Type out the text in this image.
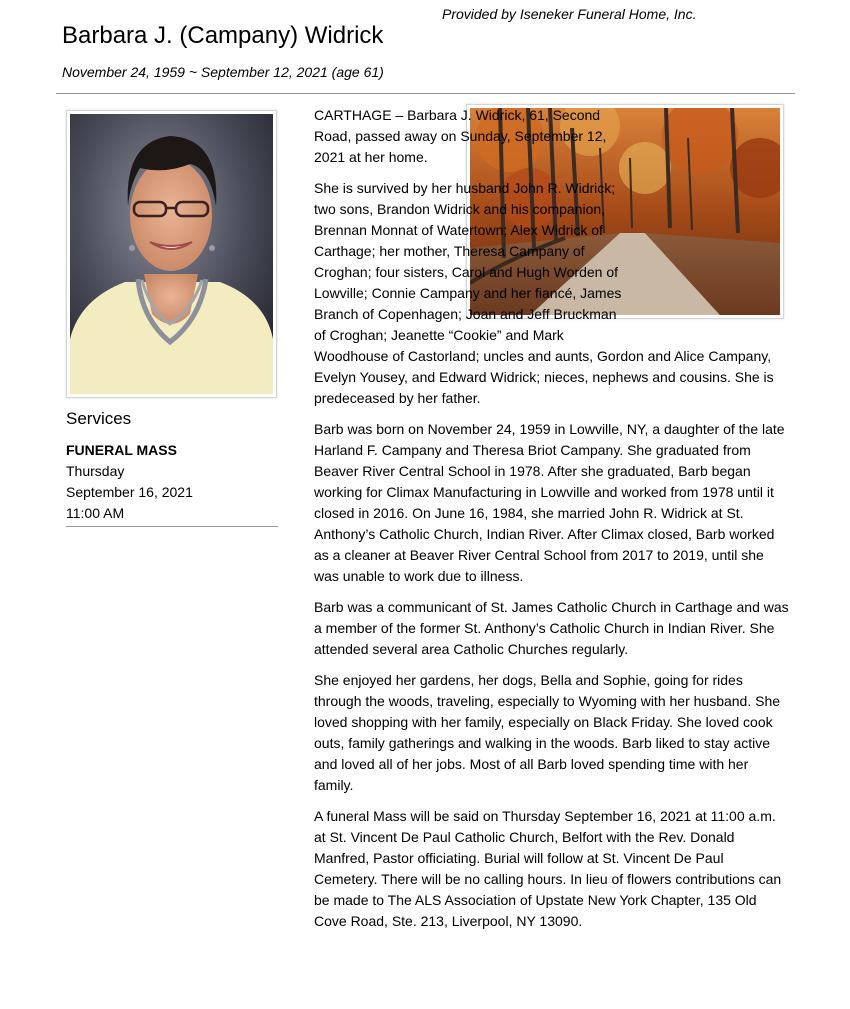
Provided by Iseneker Funeral Home, Inc.
Barbara J. (Campany) Widrick
November 24, 1959 ~ September 12, 2021 (age 61)
Services
FUNERAL MASS
Thursday
September 16, 2021
11:00 AM

CARTHAGE – Barbara J. Widrick, 61, Second Road, passed away on Sunday, September 12, 2021 at her home.

She is survived by her husband John R. Widrick; two sons, Brandon Widrick and his companion, Brennan Monnat of Watertown; Alex Widrick of Carthage; her mother, Theresa Campany of Croghan; four sisters, Carol and Hugh Worden of Lowville; Connie Campany and her fiancé, James Branch of Copenhagen; Joan and Jeff Bruckman of Croghan; Jeanette “Cookie” and Mark Woodhouse of Castorland; uncles and aunts, Gordon and Alice Campany, Evelyn Yousey, and Edward Widrick; nieces, nephews and cousins. She is predeceased by her father.

Barb was born on November 24, 1959 in Lowville, NY, a daughter of the late Harland F. Campany and Theresa Briot Campany. She graduated from Beaver River Central School in 1978. After she graduated, Barb began working for Climax Manufacturing in Lowville and worked from 1978 until it closed in 2016. On June 16, 1984, she married John R. Widrick at St. Anthony’s Catholic Church, Indian River. After Climax closed, Barb worked as a cleaner at Beaver River Central School from 2017 to 2019, until she was unable to work due to illness.

Barb was a communicant of St. James Catholic Church in Carthage and was a member of the former St. Anthony’s Catholic Church in Indian River. She attended several area Catholic Churches regularly.

She enjoyed her gardens, her dogs, Bella and Sophie, going for rides through the woods, traveling, especially to Wyoming with her husband. She loved shopping with her family, especially on Black Friday. She loved cook outs, family gatherings and walking in the woods. Barb liked to stay active and loved all of her jobs. Most of all Barb loved spending time with her family.

A funeral Mass will be said on Thursday September 16, 2021 at 11:00 a.m. at St. Vincent De Paul Catholic Church, Belfort with the Rev. Donald Manfred, Pastor officiating. Burial will follow at St. Vincent De Paul Cemetery. There will be no calling hours. In lieu of flowers contributions can be made to The ALS Association of Upstate New York Chapter, 135 Old Cove Road, Ste. 213, Liverpool, NY 13090.
